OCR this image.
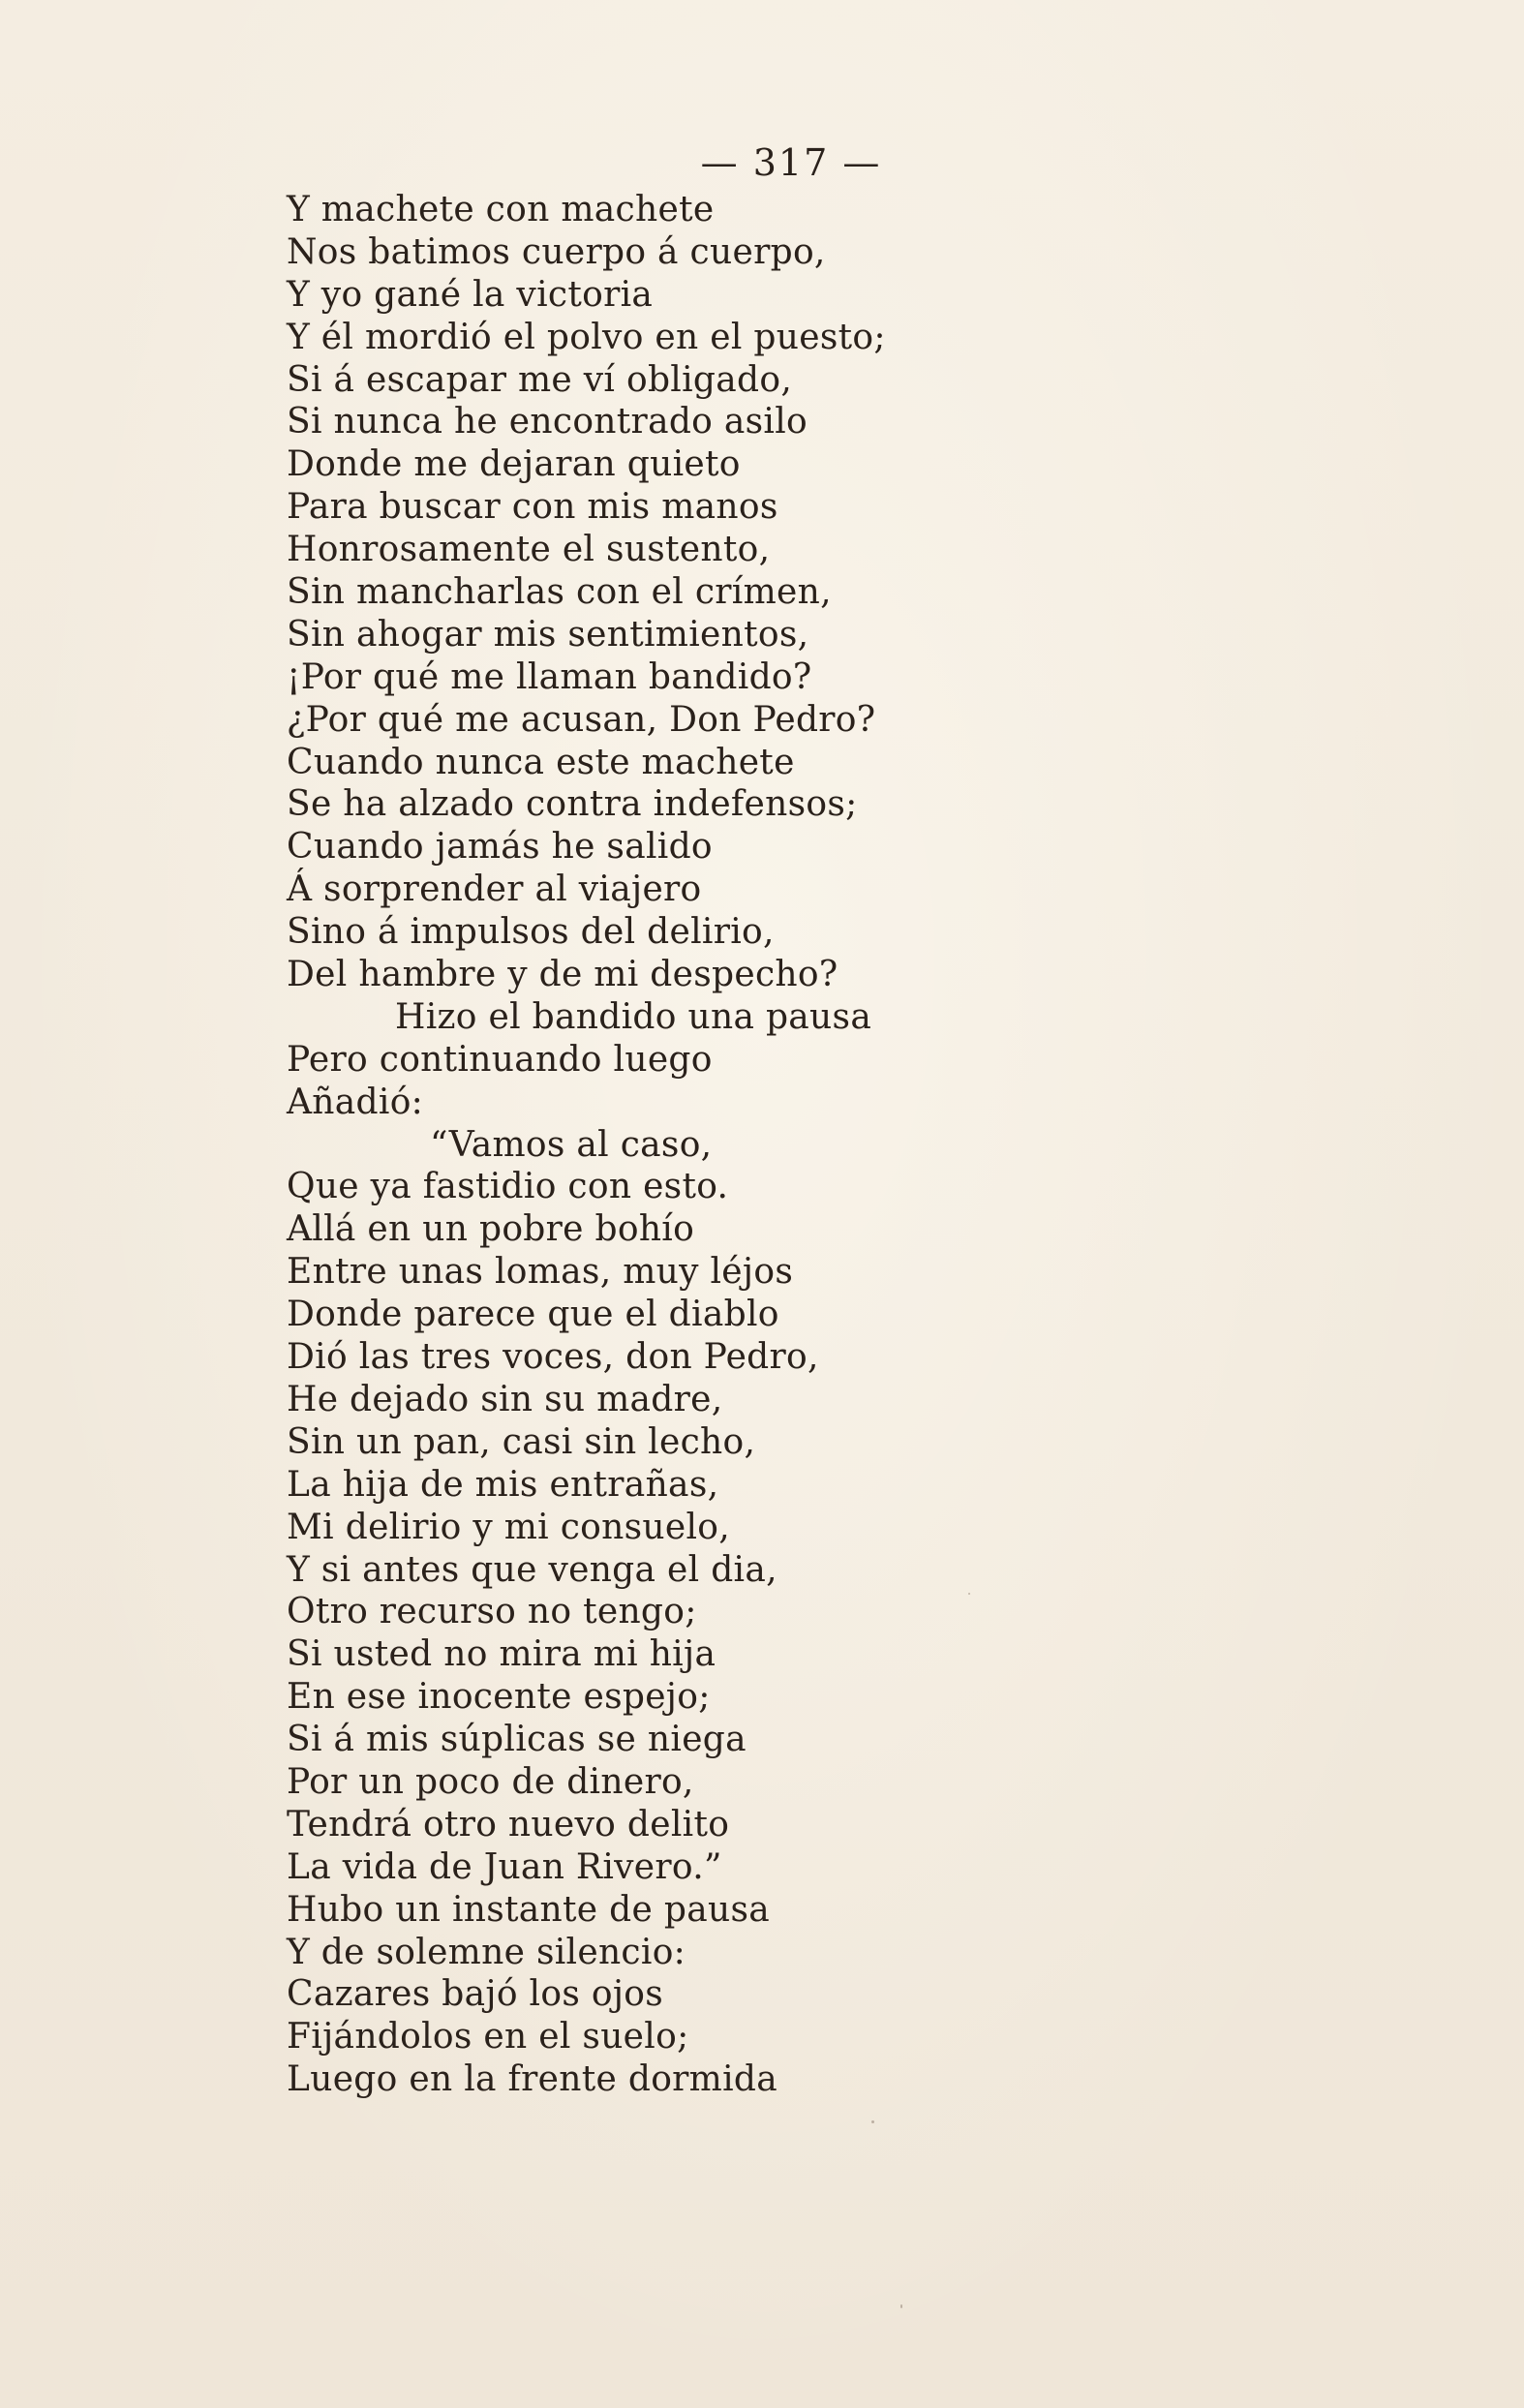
— 317 —
Y machete con machete
Nos batimos cuerpo á cuerpo,
Y yo gané la victoria
Y él mordió el polvo en el puesto;
Si á escapar me ví obligado,
Si nunca he encontrado asilo
Donde me dejaran quieto
Para buscar con mis manos
Honrosamente el sustento,
Sin mancharlas con el crímen,
Sin ahogar mis sentimientos,
¡Por qué me llaman bandido?
¿Por qué me acusan, Don Pedro?
Cuando nunca este machete
Se ha alzado contra indefensos;
Cuando jamás he salido
Á sorprender al viajero
Sino á impulsos del delirio,
Del hambre y de mi despecho?
Hizo el bandido una pausa
Pero continuando luego
Añadió:
“Vamos al caso,
Que ya fastidio con esto.
Allá en un pobre bohío
Entre unas lomas, muy léjos
Donde parece que el diablo
Dió las tres voces, don Pedro,
He dejado sin su madre,
Sin un pan, casi sin lecho,
La hija de mis entrañas,
Mi delirio y mi consuelo,
Y si antes que venga el dia,
Otro recurso no tengo;
Si usted no mira mi hija
En ese inocente espejo;
Si á mis súplicas se niega
Por un poco de dinero,
Tendrá otro nuevo delito
La vida de Juan Rivero.”
Hubo un instante de pausa
Y de solemne silencio:
Cazares bajó los ojos
Fijándolos en el suelo;
Luego en la frente dormida
